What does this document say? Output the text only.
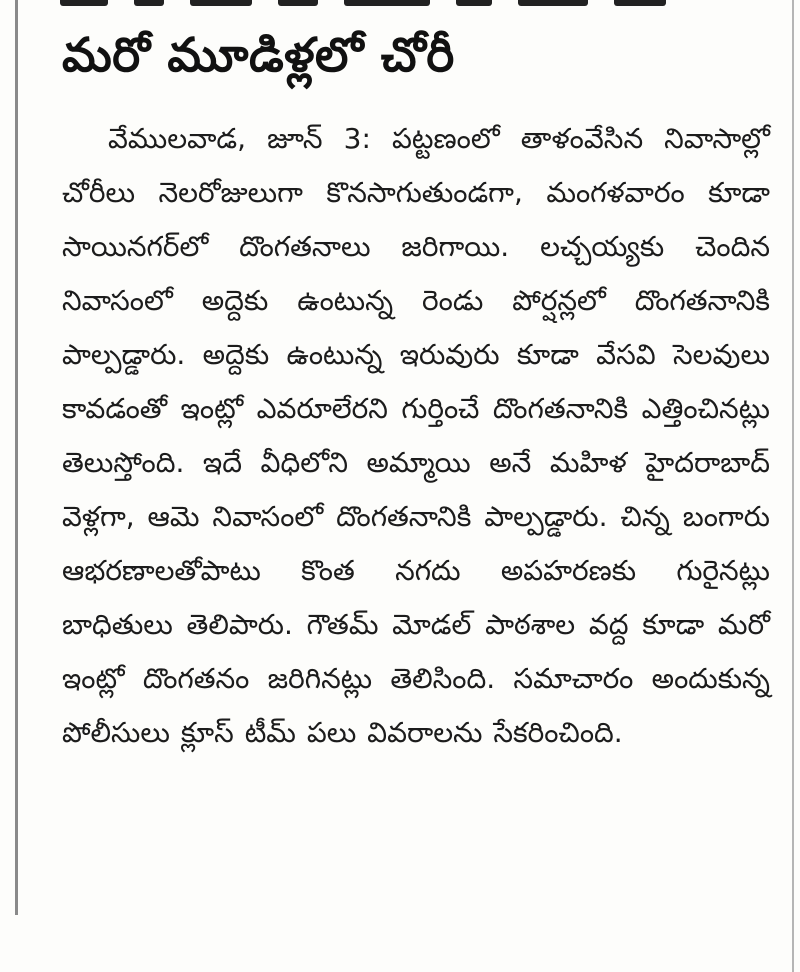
మరో మూడిళ్లలో చోరీ

వేములవాడ, జూన్ 3: పట్టణంలో తాళంవేసిన నివాసాల్లో చోరీలు నెలరోజులుగా కొనసాగుతుండగా, మంగళవారం కూడా సాయినగర్‌లో దొంగతనాలు జరిగాయి. లచ్చయ్యకు చెందిన నివాసంలో అద్దెకు ఉంటున్న రెండు పోర్షన్లలో దొంగతనానికి పాల్పడ్డారు. అద్దెకు ఉంటున్న ఇరువురు కూడా వేసవి సెలవులు కావడంతో ఇంట్లో ఎవరూలేరని గుర్తించే దొంగతనానికి ఎత్తించినట్లు తెలుస్తోంది. ఇదే వీధిలోని అమ్మాయి అనే మహిళ హైదరాబాద్ వెళ్లగా, ఆమె నివాసంలో దొంగతనానికి పాల్పడ్డారు. చిన్న బంగారు ఆభరణాలతోపాటు కొంత నగదు అపహరణకు గురైనట్లు బాధితులు తెలిపారు. గౌతమ్ మోడల్ పాఠశాల వద్ద కూడా మరో ఇంట్లో దొంగతనం జరిగినట్లు తెలిసింది. సమాచారం అందుకున్న పోలీసులు క్లూస్ టీమ్ పలు వివరాలను సేకరించింది.
